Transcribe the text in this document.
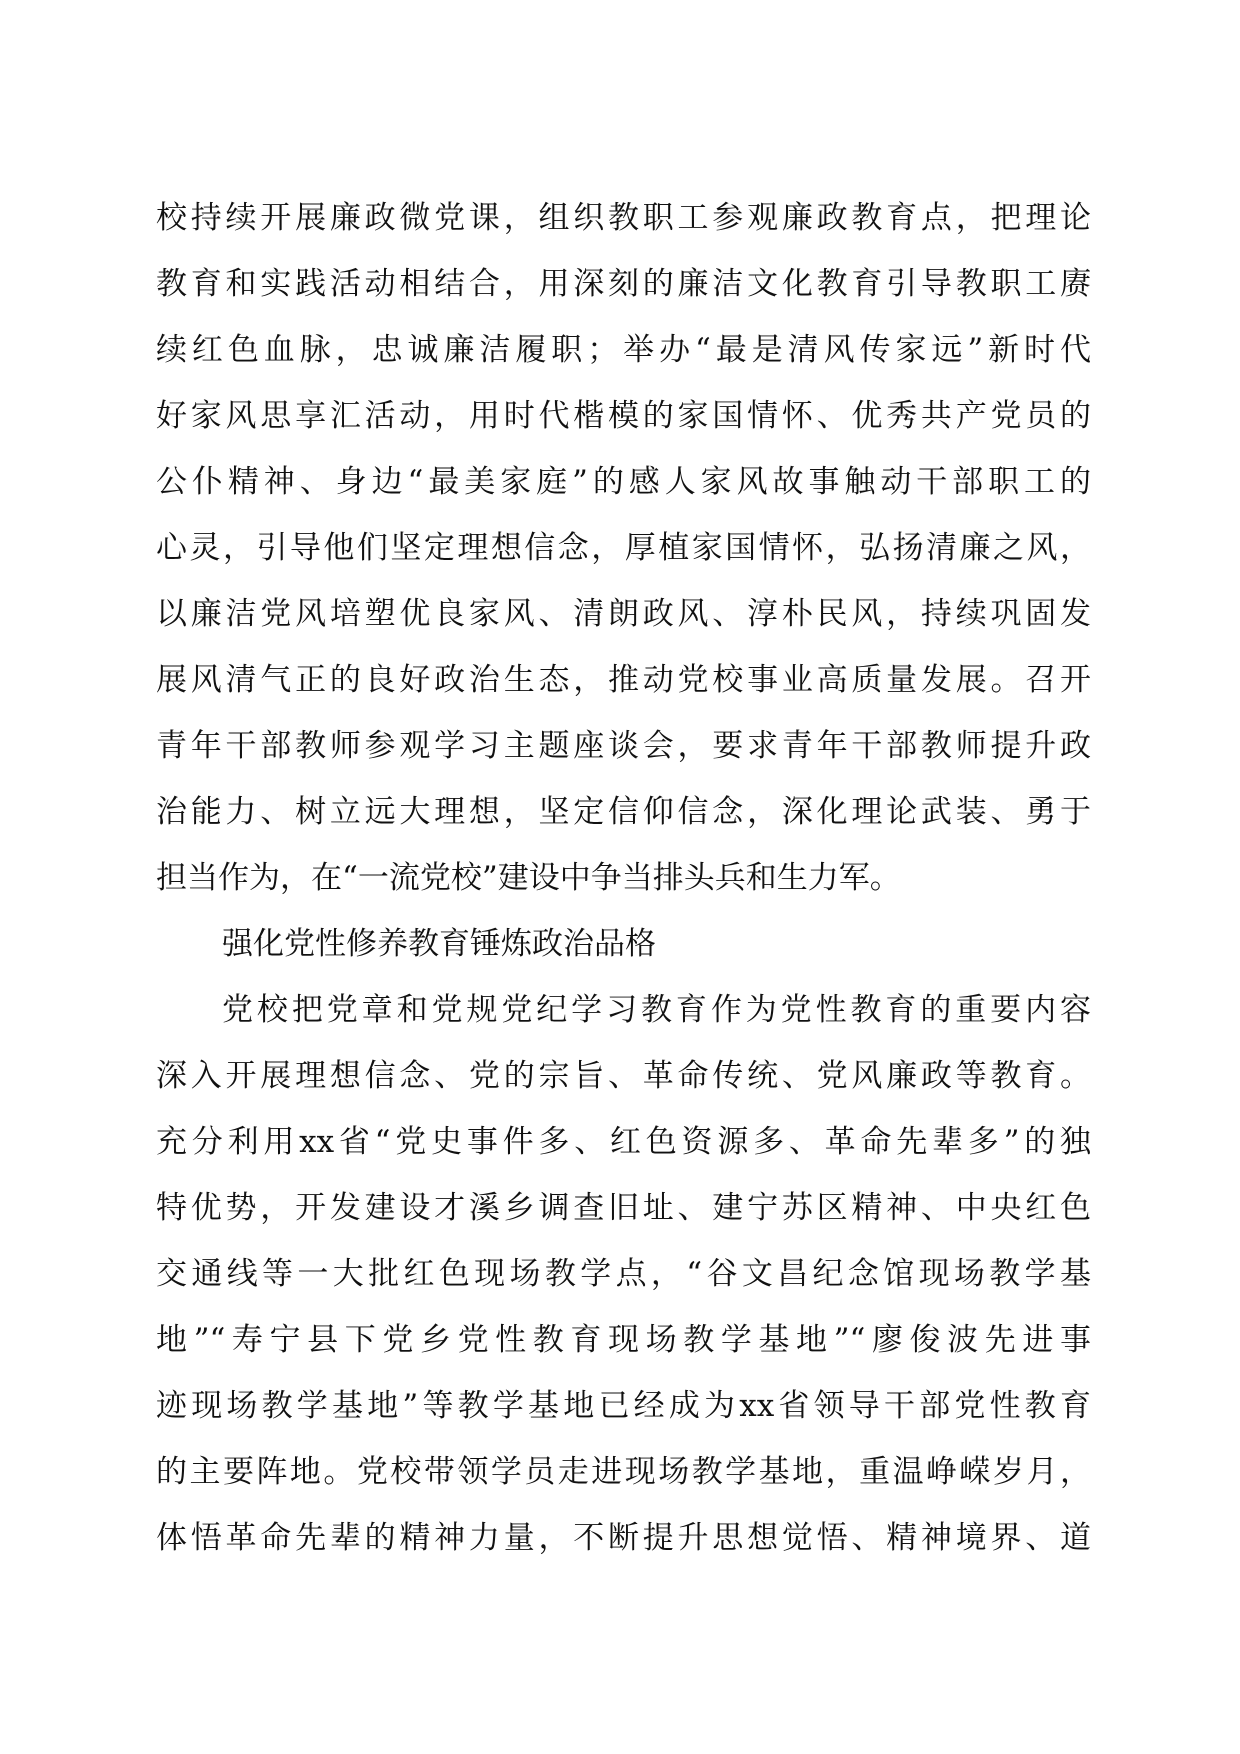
校持续开展廉政微党课，组织教职工参观廉政教育点，把理论
教育和实践活动相结合，用深刻的廉洁文化教育引导教职工赓
续红色血脉，忠诚廉洁履职；举办“最是清风传家远”新时代
好家风思享汇活动，用时代楷模的家国情怀、优秀共产党员的
公仆精神、身边“最美家庭”的感人家风故事触动干部职工的
心灵，引导他们坚定理想信念，厚植家国情怀，弘扬清廉之风，
以廉洁党风培塑优良家风、清朗政风、淳朴民风，持续巩固发
展风清气正的良好政治生态，推动党校事业高质量发展。召开
青年干部教师参观学习主题座谈会，要求青年干部教师提升政
治能力、树立远大理想，坚定信仰信念，深化理论武装、勇于
担当作为，在“一流党校”建设中争当排头兵和生力军。
强化党性修养教育锤炼政治品格
党校把党章和党规党纪学习教育作为党性教育的重要内容
深入开展理想信念、党的宗旨、革命传统、党风廉政等教育。
充分利用xx省“党史事件多、红色资源多、革命先辈多”的独
特优势，开发建设才溪乡调查旧址、建宁苏区精神、中央红色
交通线等一大批红色现场教学点，“谷文昌纪念馆现场教学基
地”“寿宁县下党乡党性教育现场教学基地”“廖俊波先进事
迹现场教学基地”等教学基地已经成为xx省领导干部党性教育
的主要阵地。党校带领学员走进现场教学基地，重温峥嵘岁月，
体悟革命先辈的精神力量，不断提升思想觉悟、精神境界、道
